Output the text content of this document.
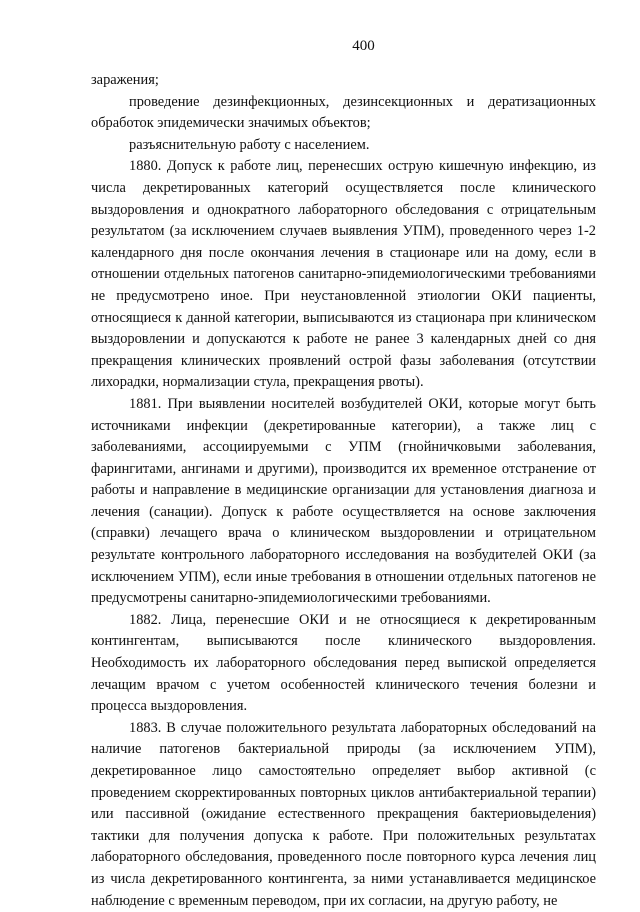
400

заражения;

проведение дезинфекционных, дезинсекционных и дератизационных обработок эпидемически значимых объектов;

разъяснительную работу с населением.

1880. Допуск к работе лиц, перенесших острую кишечную инфекцию, из числа декретированных категорий осуществляется после клинического выздоровления и однократного лабораторного обследования с отрицательным результатом (за исключением случаев выявления УПМ), проведенного через 1-2 календарного дня после окончания лечения в стационаре или на дому, если в отношении отдельных патогенов санитарно-эпидемиологическими требованиями не предусмотрено иное. При неустановленной этиологии ОКИ пациенты, относящиеся к данной категории, выписываются из стационара при клиническом выздоровлении и допускаются к работе не ранее 3 календарных дней со дня прекращения клинических проявлений острой фазы заболевания (отсутствии лихорадки, нормализации стула, прекращения рвоты).

1881. При выявлении носителей возбудителей ОКИ, которые могут быть источниками инфекции (декретированные категории), а также лиц с заболеваниями, ассоциируемыми с УПМ (гнойничковыми заболевания, фарингитами, ангинами и другими), производится их временное отстранение от работы и направление в медицинские организации для установления диагноза и лечения (санации). Допуск к работе осуществляется на основе заключения (справки) лечащего врача о клиническом выздоровлении и отрицательном результате контрольного лабораторного исследования на возбудителей ОКИ (за исключением УПМ), если иные требования в отношении отдельных патогенов не предусмотрены санитарно-эпидемиологическими требованиями.

1882. Лица, перенесшие ОКИ и не относящиеся к декретированным контингентам, выписываются после клинического выздоровления. Необходимость их лабораторного обследования перед выпиской определяется лечащим врачом с учетом особенностей клинического течения болезни и процесса выздоровления.

1883. В случае положительного результата лабораторных обследований на наличие патогенов бактериальной природы (за исключением УПМ), декретированное лицо самостоятельно определяет выбор активной (с проведением скорректированных повторных циклов антибактериальной терапии) или пассивной (ожидание естественного прекращения бактериовыделения) тактики для получения допуска к работе. При положительных результатах лабораторного обследования, проведенного после повторного курса лечения лиц из числа декретированного контингента, за ними устанавливается медицинское наблюдение с временным переводом, при их согласии, на другую работу, не
